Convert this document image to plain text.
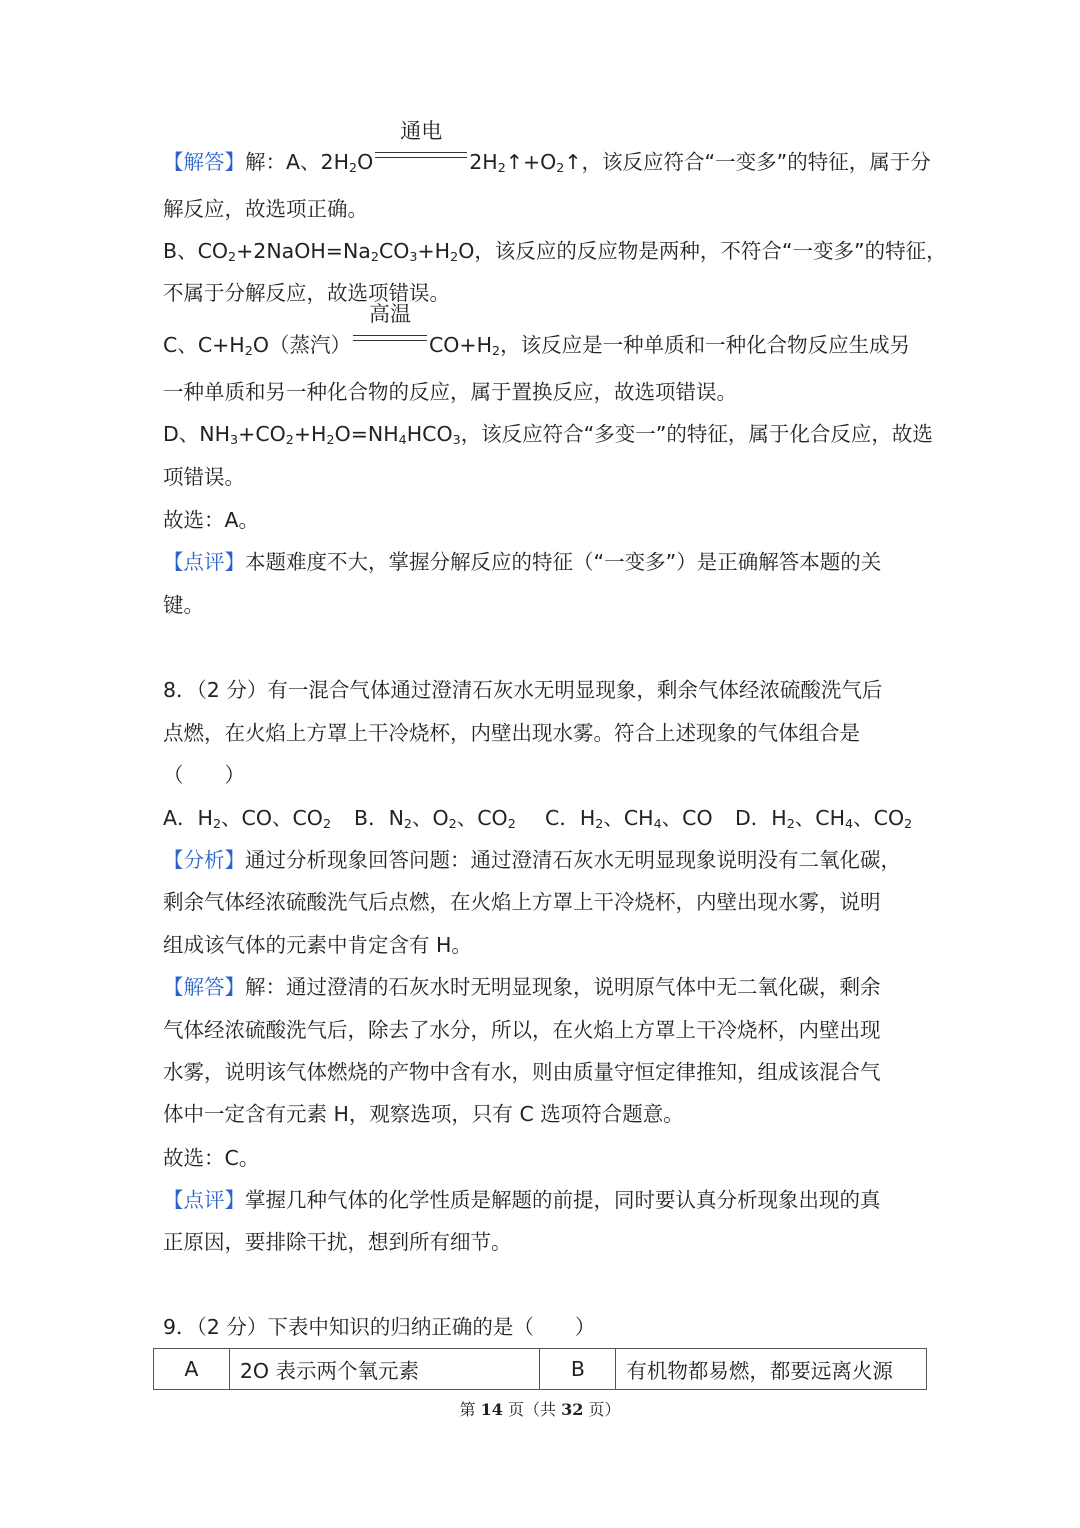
【解答】解：A、$2H_2O$
通电
$2H_2↑+O_2↑$，该反应符合“一变多”的特征，属于分
解反应，故选项正确。
B、$CO_2+2NaOH=Na_2CO_3+H_2O$，该反应的反应物是两种，不符合“一变多”的特征，
不属于分解反应，故选项错误。
C、$C+H_2O$（蒸汽）
高温
$CO+H_2$，该反应是一种单质和一种化合物反应生成另
一种单质和另一种化合物的反应，属于置换反应，故选项错误。
D、$NH_3+CO_2+H_2O=NH_4HCO_3$，该反应符合“多变一”的特征，属于化合反应，故选
项错误。
故选：A。
【点评】本题难度不大，掌握分解反应的特征（“一变多”）是正确解答本题的关
键。
8．（2 分）有一混合气体通过澄清石灰水无明显现象，剩余气体经浓硫酸洗气后
点燃，在火焰上方罩上干冷烧杯，内壁出现水雾。符合上述现象的气体组合是
（　　）
A．$H_2$、CO、$CO_2$ B．$N_2$、$O_2$、$CO_2$ C．$H_2$、$CH_4$、CO D．$H_2$、$CH_4$、$CO_2$
【分析】通过分析现象回答问题：通过澄清石灰水无明显现象说明没有二氧化碳，
剩余气体经浓硫酸洗气后点燃，在火焰上方罩上干冷烧杯，内壁出现水雾，说明
组成该气体的元素中肯定含有 H。
【解答】解：通过澄清的石灰水时无明显现象，说明原气体中无二氧化碳，剩余
气体经浓硫酸洗气后，除去了水分，所以，在火焰上方罩上干冷烧杯，内壁出现
水雾，说明该气体燃烧的产物中含有水，则由质量守恒定律推知，组成该混合气
体中一定含有元素 H，观察选项，只有 C 选项符合题意。
故选：C。
【点评】掌握几种气体的化学性质是解题的前提，同时要认真分析现象出现的真
正原因，要排除干扰，想到所有细节。
9．（2 分）下表中知识的归纳正确的是（　　）
A	2O 表示两个氧元素	B	有机物都易燃，都要远离火源
第 14 页（共 32 页）
